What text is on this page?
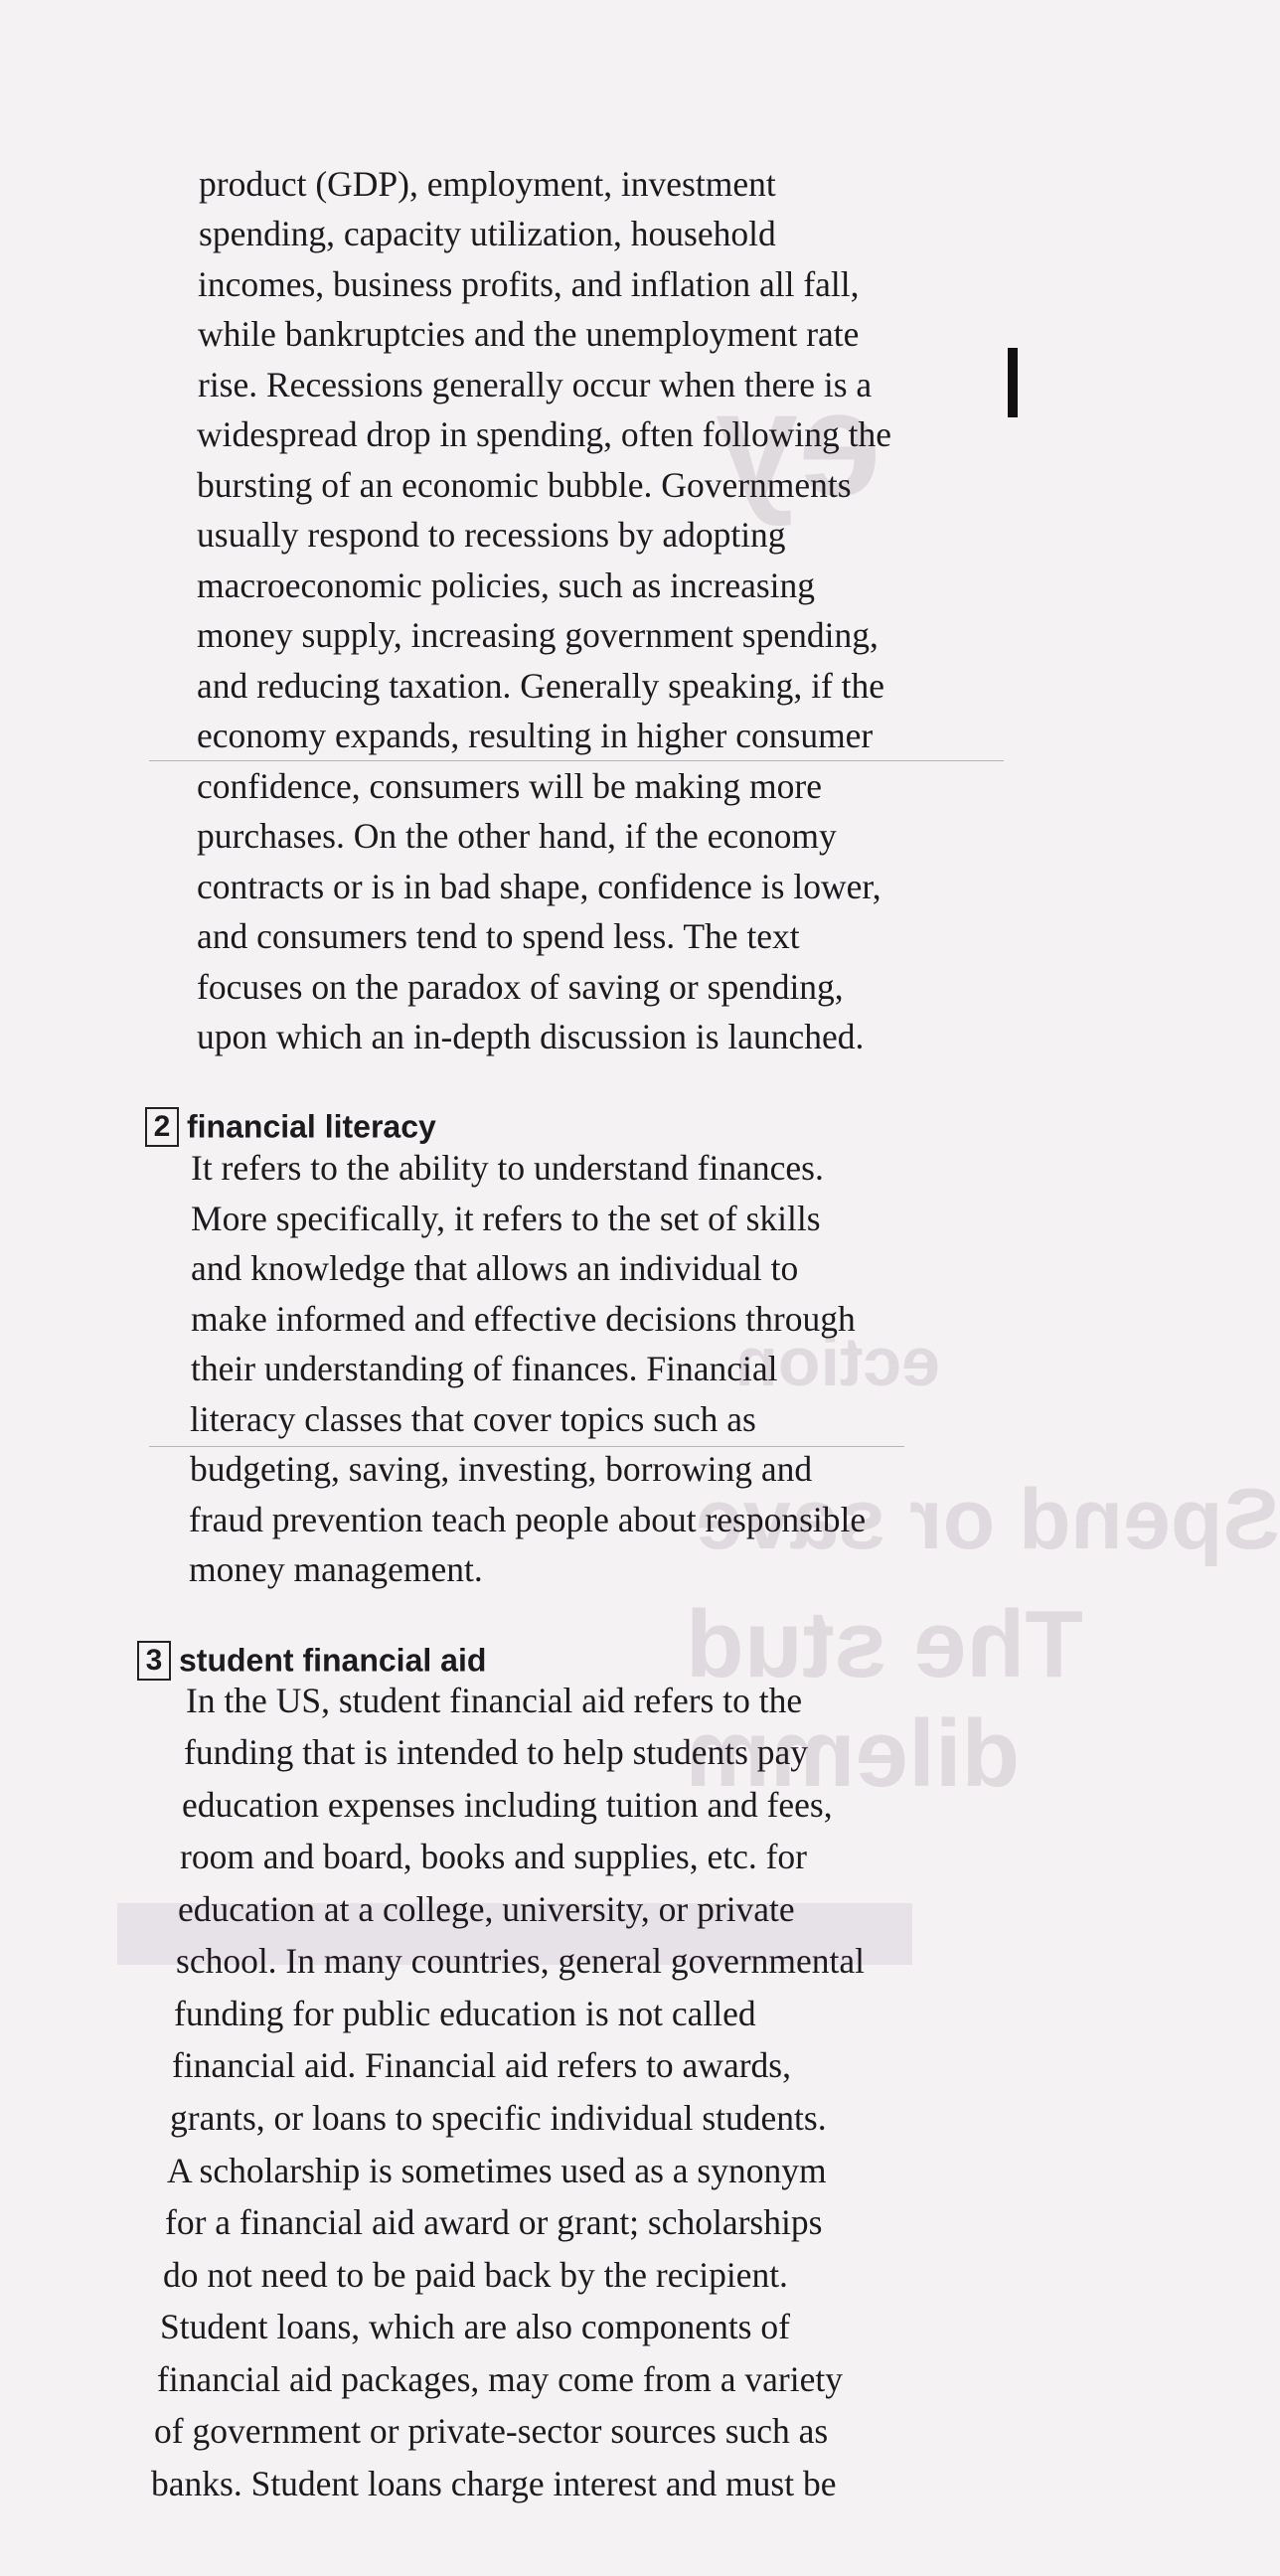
ey
ection
Spend or save
The stud
dilemm
product (GDP), employment, investment
spending, capacity utilization, household
incomes, business profits, and inflation all fall,
while bankruptcies and the unemployment rate
rise. Recessions generally occur when there is a
widespread drop in spending, often following the
bursting of an economic bubble. Governments
usually respond to recessions by adopting
macroeconomic policies, such as increasing
money supply, increasing government spending,
and reducing taxation. Generally speaking, if the
economy expands, resulting in higher consumer
confidence, consumers will be making more
purchases. On the other hand, if the economy
contracts or is in bad shape, confidence is lower,
and consumers tend to spend less. The text
focuses on the paradox of saving or spending,
upon which an in-depth discussion is launched.
2 financial literacy
It refers to the ability to understand finances.
More specifically, it refers to the set of skills
and knowledge that allows an individual to
make informed and effective decisions through
their understanding of finances. Financial
literacy classes that cover topics such as
budgeting, saving, investing, borrowing and
fraud prevention teach people about responsible
money management.
3 student financial aid
In the US, student financial aid refers to the
funding that is intended to help students pay
education expenses including tuition and fees,
room and board, books and supplies, etc. for
education at a college, university, or private
school. In many countries, general governmental
funding for public education is not called
financial aid. Financial aid refers to awards,
grants, or loans to specific individual students.
A scholarship is sometimes used as a synonym
for a financial aid award or grant; scholarships
do not need to be paid back by the recipient.
Student loans, which are also components of
financial aid packages, may come from a variety
of government or private-sector sources such as
banks. Student loans charge interest and must be
